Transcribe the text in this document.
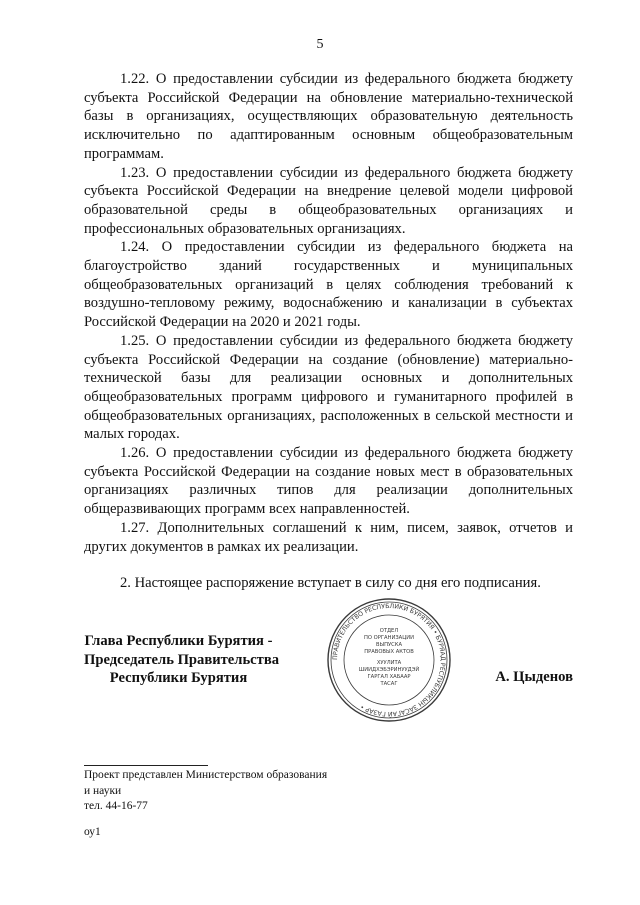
5

1.22. О предоставлении субсидии из федерального бюджета бюджету субъекта Российской Федерации на обновление материально-технической базы в организациях, осуществляющих образовательную деятельность исключительно по адаптированным основным общеобразовательным программам.

1.23. О предоставлении субсидии из федерального бюджета бюджету субъекта Российской Федерации на внедрение целевой модели цифровой образовательной среды в общеобразовательных организациях и профессиональных образовательных организациях.

1.24. О предоставлении субсидии из федерального бюджета на благоустройство зданий государственных и муниципальных общеобразовательных организаций в целях соблюдения требований к воздушно-тепловому режиму, водоснабжению и канализации в субъектах Российской Федерации на 2020 и 2021 годы.

1.25. О предоставлении субсидии из федерального бюджета бюджету субъекта Российской Федерации на создание (обновление) материально-технической базы для реализации основных и дополнительных общеобразовательных программ цифрового и гуманитарного профилей в общеобразовательных организациях, расположенных в сельской местности и малых городах.

1.26. О предоставлении субсидии из федерального бюджета бюджету субъекта Российской Федерации на создание новых мест в образовательных организациях различных типов для реализации дополнительных общеразвивающих программ всех направленностей.

1.27. Дополнительных соглашений к ним, писем, заявок, отчетов и других документов в рамках их реализации.

2. Настоящее распоряжение вступает в силу со дня его подписания.

Глава Республики Бурятия -
Председатель Правительства
Республики Бурятия
ПРАВИТЕЛЬСТВО РЕСПУБЛИКИ БУРЯТИЯ • БУРЯАД РЕСПУБЛИКЫН ЗАСАГАЙ ГАЗАР •
ОТДЕЛ
ПО ОРГАНИЗАЦИИ
ВЫПУСКА
ПРАВОВЫХ АКТОВ
ХУУЛИТА
ШИИДХЭБЭРИНУУДЭЙ
ГАРГАЛ ХАБААР
ТАСАГ	А. Цыденов
Проект представлен Министерством образования
и науки
тел. 44-16-77
оу1
